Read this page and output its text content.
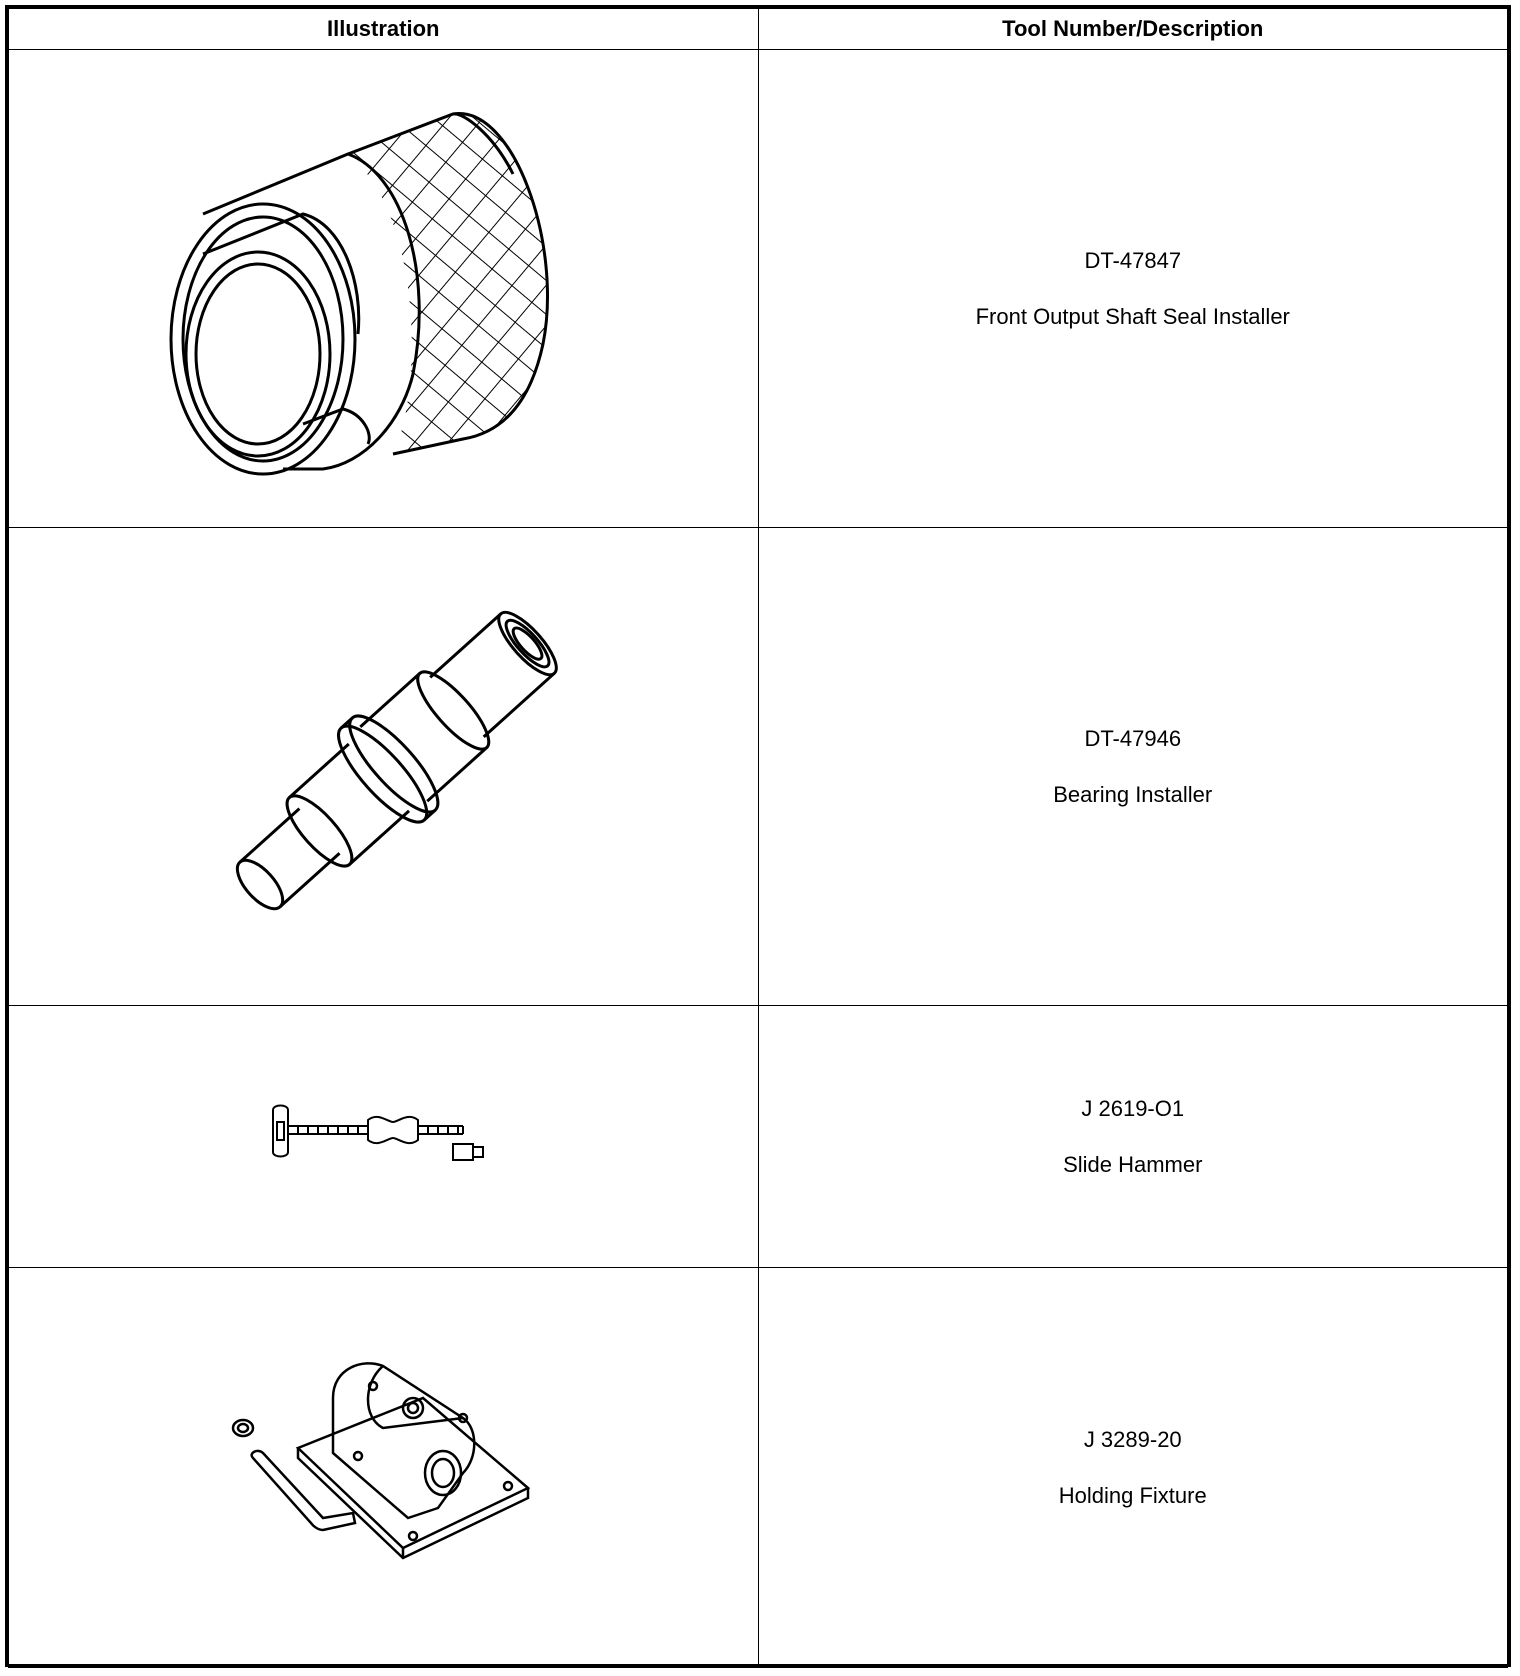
Illustration	Tool Number/Description

DT-47847
Front Output Shaft Seal Installer

DT-47946
Bearing Installer

J 2619-O1
Slide Hammer

J 3289-20
Holding Fixture
